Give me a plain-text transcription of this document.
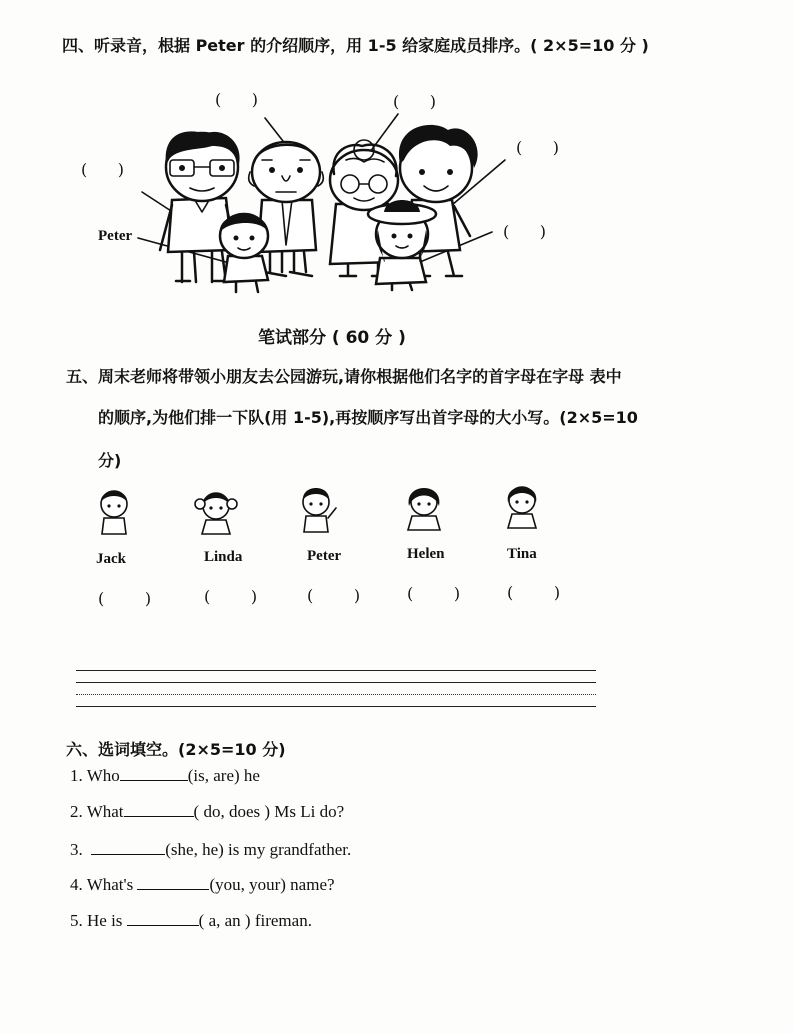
四、听录音，根据 Peter 的介绍顺序，用 1-5 给家庭成员排序。( 2×5=10 分 )
(      )	(      )
(      )
(      )
(      )
Peter
笔试部分 ( 60 分 )
五、周末老师将带领小朋友去公园游玩,请你根据他们名字的首字母在字母 表中
的顺序,为他们排一下队(用 1-5),再按顺序写出首字母的大小写。(2×5=10
分)
Jack	Linda	Peter	Helen	Tina
(        )	(        )	(        )	(        )	(        )
六、选词填空。(2×5=10 分)
1. Who	(is, are) he
2. What	( do, does ) Ms Li do?
3.	(she, he) is my grandfather.
4. What's	(you, your) name?
5. He is	( a, an ) fireman.
